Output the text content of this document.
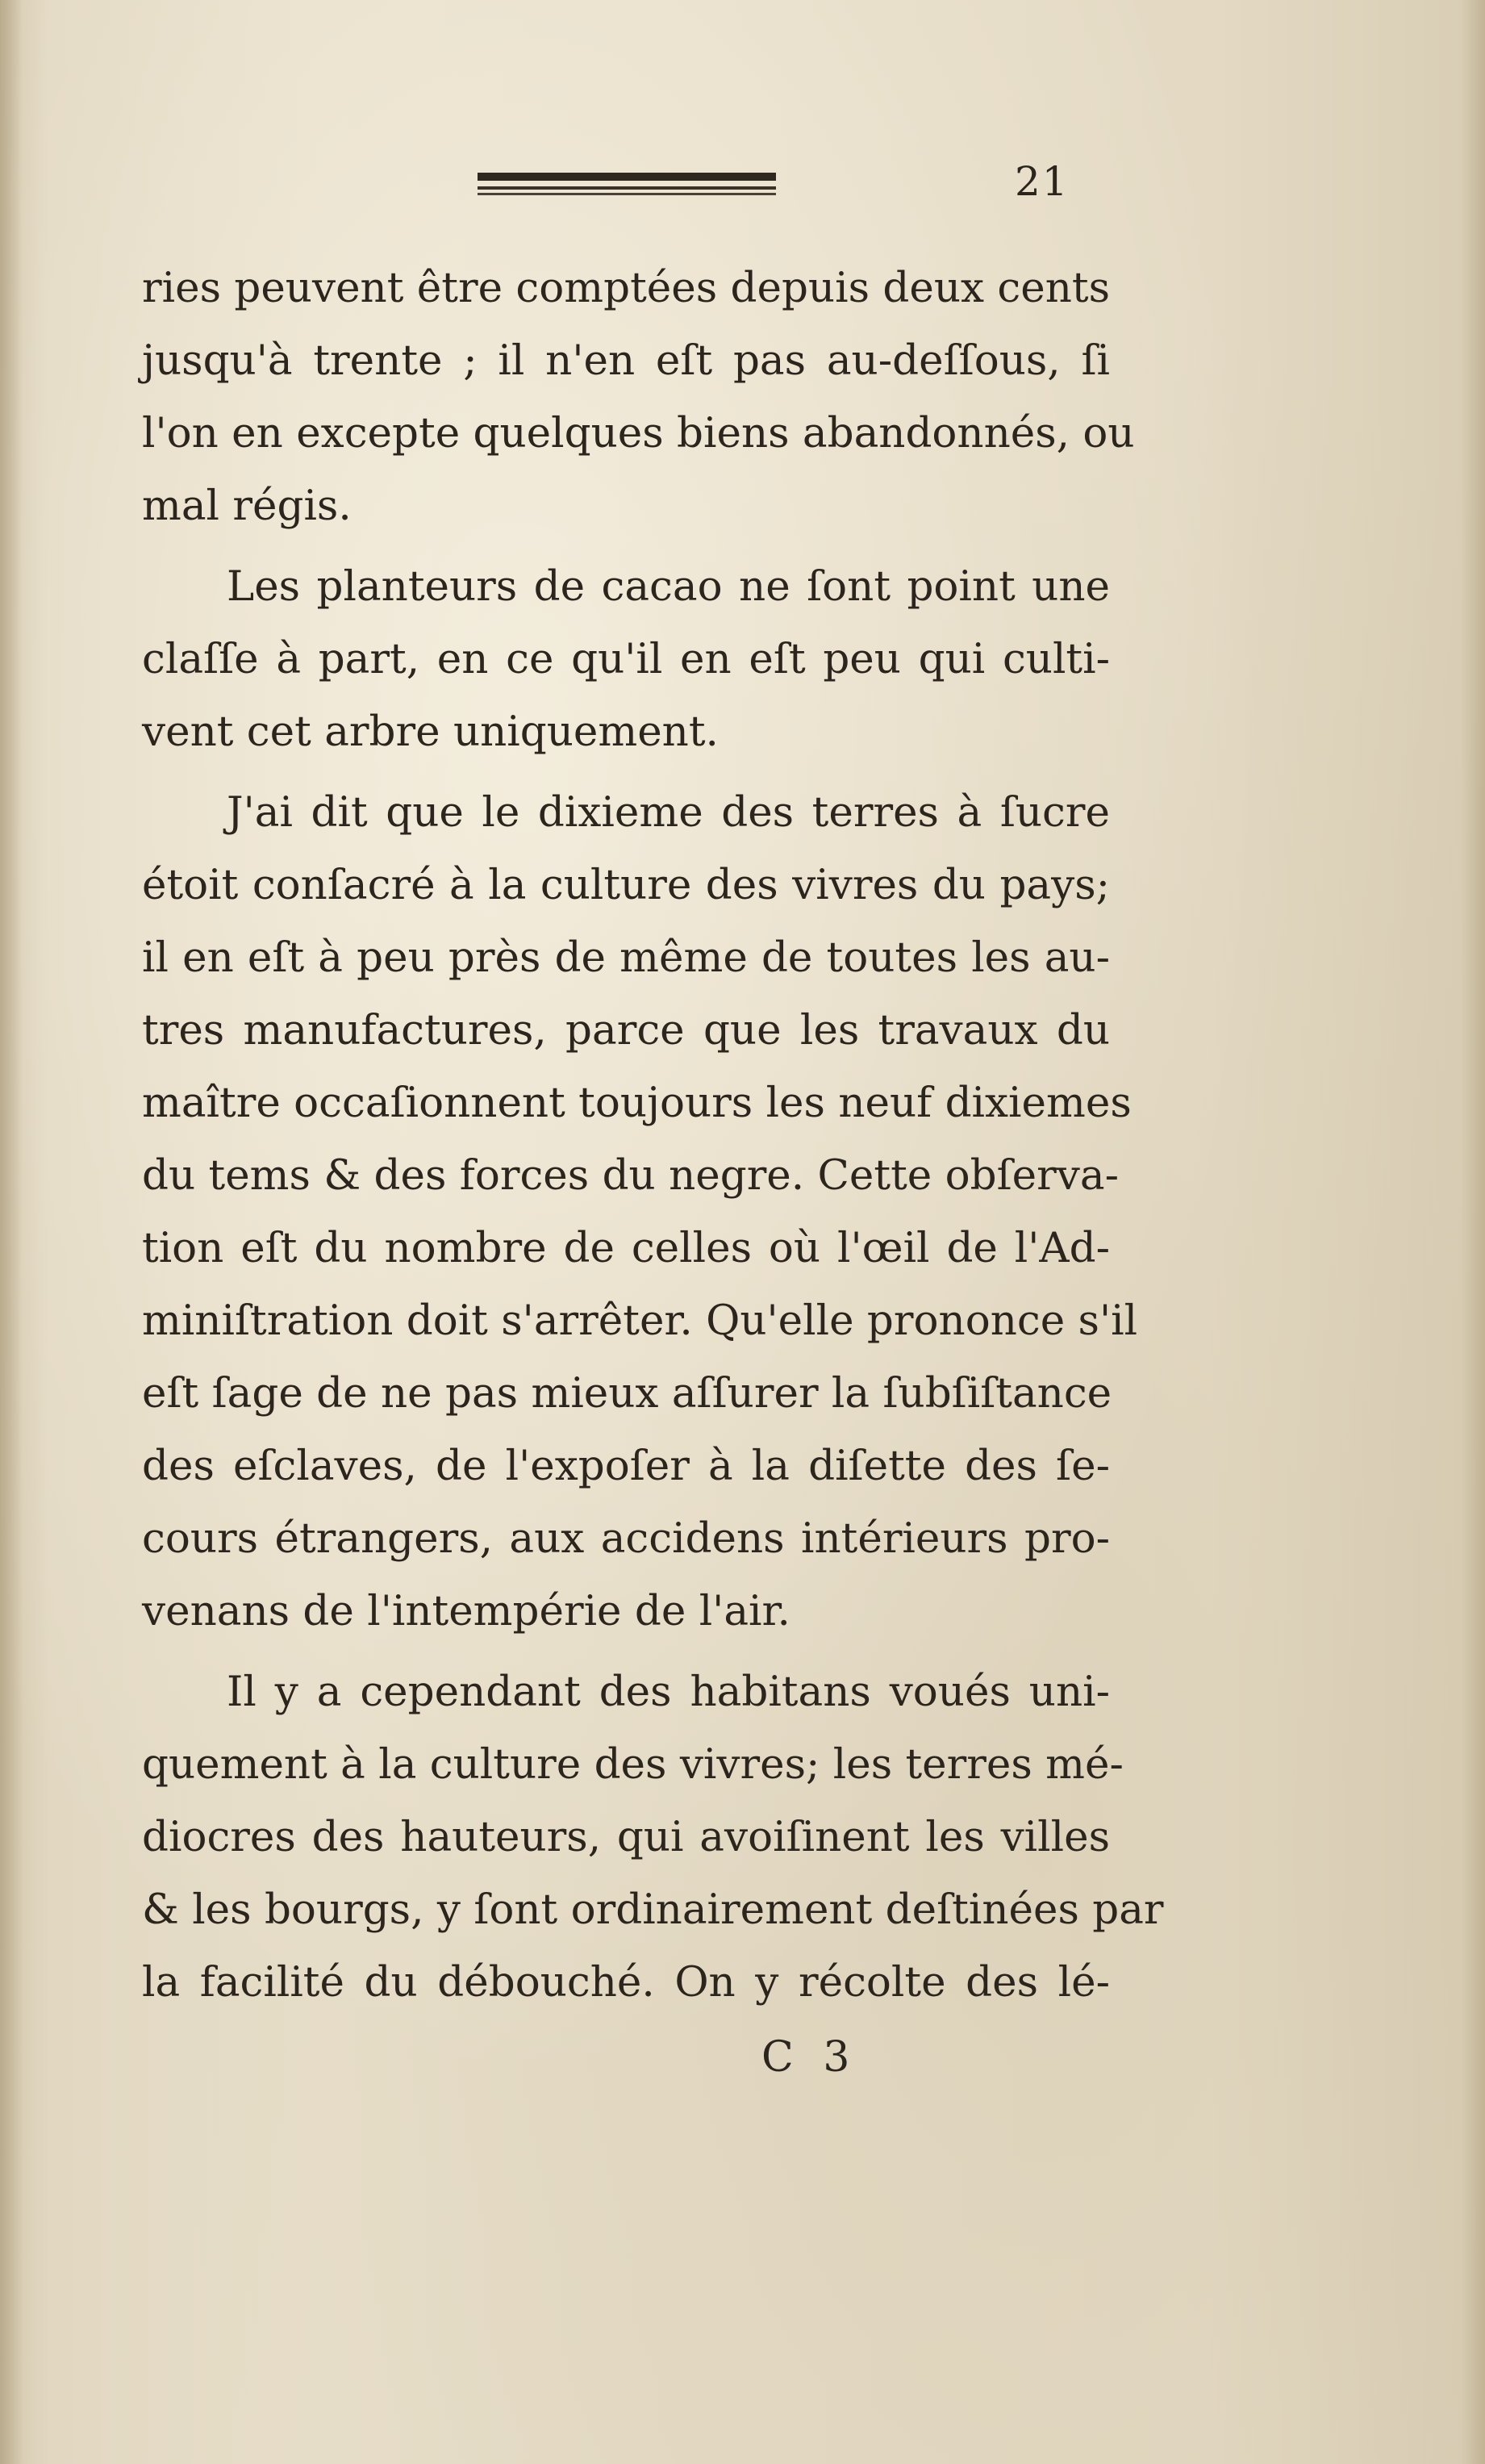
21
ries peuvent être comptées depuis deux cents
jusqu'à trente ; il n'en eſt pas au-deſſous, ſi
l'on en excepte quelques biens abandonnés, ou
mal régis.
Les planteurs de cacao ne ſont point une
claſſe à part, en ce qu'il en eſt peu qui culti-
vent cet arbre uniquement.
J'ai dit que le dixieme des terres à ſucre
étoit conſacré à la culture des vivres du pays;
il en eſt à peu près de même de toutes les au-
tres manufactures, parce que les travaux du
maître occaſionnent toujours les neuf dixiemes
du tems & des forces du negre. Cette obſerva-
tion eſt du nombre de celles où l'œil de l'Ad-
miniſtration doit s'arrêter. Qu'elle prononce s'il
eſt ſage de ne pas mieux aſſurer la ſubſiſtance
des eſclaves, de l'expoſer à la diſette des ſe-
cours étrangers, aux accidens intérieurs pro-
venans de l'intempérie de l'air.
Il y a cependant des habitans voués uni-
quement à la culture des vivres; les terres mé-
diocres des hauteurs, qui avoiſinent les villes
& les bourgs, y ſont ordinairement deſtinées par
la facilité du débouché. On y récolte des lé-
C 3
